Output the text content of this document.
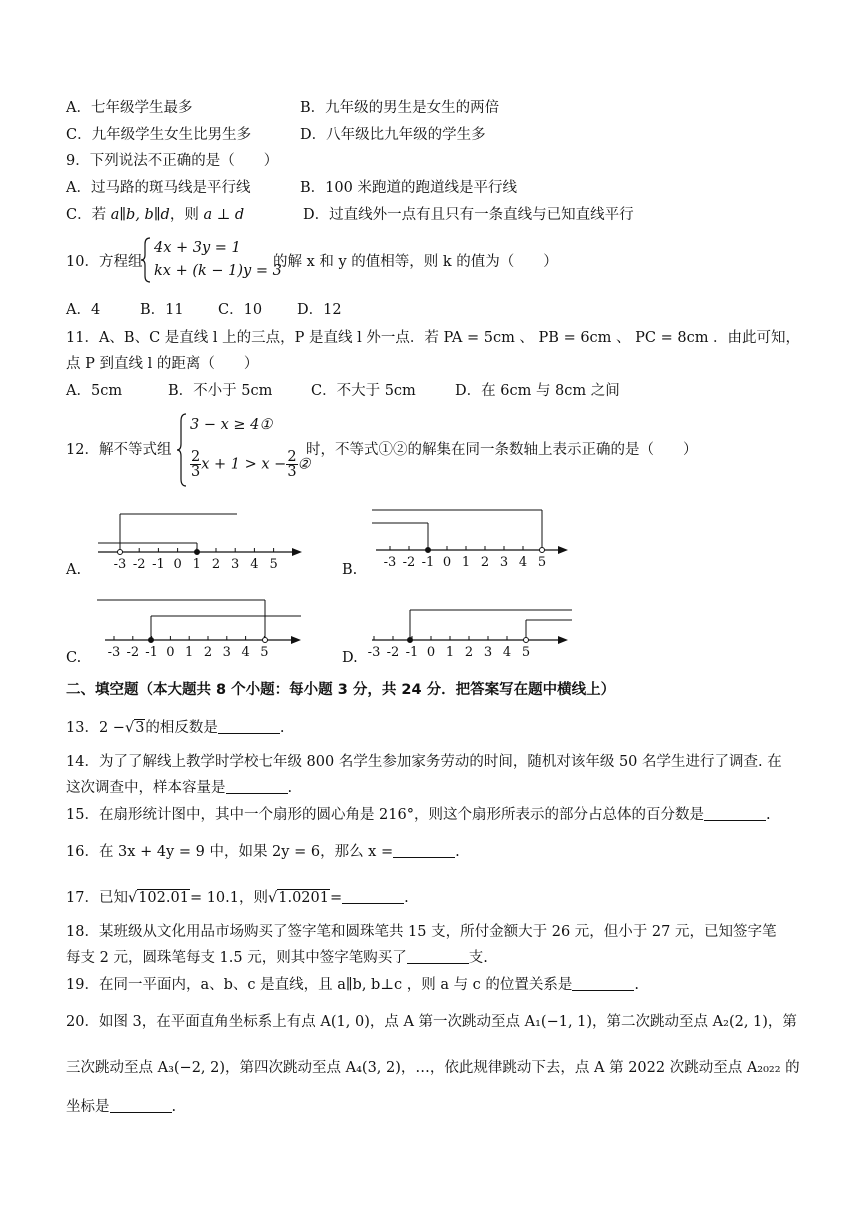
A．七年级学生最多	B．九年级的男生是女生的两倍
C．九年级学生女生比男生多	D．八年级比九年级的学生多
9．下列说法不正确的是（　　）
A．过马路的斑马线是平行线	B．100 米跑道的跑道线是平行线
C．若 a∥b, b∥d，则 a ⊥ d	D．过直线外一点有且只有一条直线与已知直线平行
10．方程组
4x + 3y = 1
kx + (k − 1)y = 3
的解 x 和 y 的值相等，则 k 的值为（　　）
A．4	B．11 C．10 D．12
11．A、B、C 是直线 l 上的三点，P 是直线 l 外一点．若 PA = 5cm 、 PB = 6cm 、 PC = 8cm ．由此可知，
点 P 到直线 l 的距离（　　）
A．5cm	B．不小于 5cm	C．不大于 5cm	D．在 6cm 与 8cm 之间
12．解不等式组
3 − x ≥ 4①
$\frac{2}{3}$ $x + 1 > x - \frac{2}{3}$ ②
时，不等式①②的解集在同一条数轴上表示正确的是（　　）
A.	B.
C.	D.
-3 -2 -1 0 1 2 3 4 5	-3 -2 -1 0 1 2 3 4 5
-3 -2 -1 0 1 2 3 4 5	-3 -2 -1 0 1 2 3 4 5
二、填空题（本大题共 8 个小题：每小题 3 分，共 24 分．把答案写在题中横线上）
13．2 −√3的相反数是	.
14．为了了解线上教学时学校七年级 800 名学生参加家务劳动的时间，随机对该年级 50 名学生进行了调查. 在
这次调查中，样本容量是	.
15．在扇形统计图中，其中一个扇形的圆心角是 216°，则这个扇形所表示的部分占总体的百分数是	.
16．在 3x + 4y = 9 中，如果 2y = 6，那么 x =	.
17．已知√102.01= 10.1，则√1.0201=	.
18．某班级从文化用品市场购买了签字笔和圆珠笔共 15 支，所付金额大于 26 元，但小于 27 元，已知签字笔
每支 2 元，圆珠笔每支 1.5 元，则其中签字笔购买了	支.
19．在同一平面内，a、b、c 是直线，且 a∥b, b⊥c ，则 a 与 c 的位置关系是	.
20．如图 3，在平面直角坐标系上有点 A(1, 0)，点 A 第一次跳动至点 A₁(−1, 1)，第二次跳动至点 A₂(2, 1)，第
三次跳动至点 A₃(−2, 2)，第四次跳动至点 A₄(3, 2)，…，依此规律跳动下去，点 A 第 2022 次跳动至点 A₂₀₂₂ 的
坐标是	.
